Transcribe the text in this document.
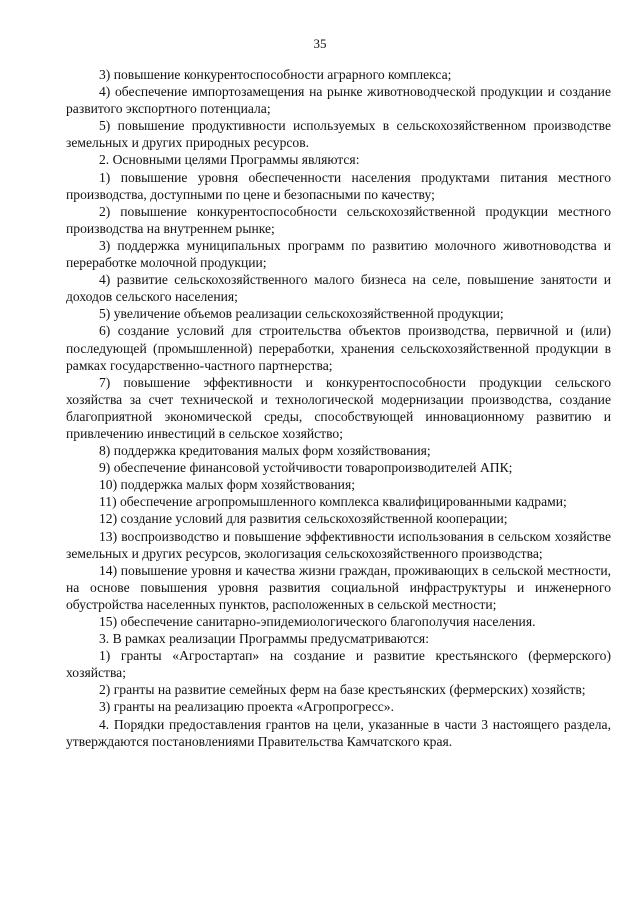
35

3) повышение конкурентоспособности аграрного комплекса;

4) обеспечение импортозамещения на рынке животноводческой продукции и создание развитого экспортного потенциала;

5) повышение продуктивности используемых в сельскохозяйственном производстве земельных и других природных ресурсов.

2. Основными целями Программы являются:

1) повышение уровня обеспеченности населения продуктами питания местного производства, доступными по цене и безопасными по качеству;

2) повышение конкурентоспособности сельскохозяйственной продукции местного производства на внутреннем рынке;

3) поддержка муниципальных программ по развитию молочного животноводства и переработке молочной продукции;

4) развитие сельскохозяйственного малого бизнеса на селе, повышение занятости и доходов сельского населения;

5) увеличение объемов реализации сельскохозяйственной продукции;

6) создание условий для строительства объектов производства, первичной и (или) последующей (промышленной) переработки, хранения сельскохозяйственной продукции в рамках государственно-частного партнерства;

7) повышение эффективности и конкурентоспособности продукции сельского хозяйства за счет технической и технологической модернизации производства, создание благоприятной экономической среды, способствующей инновационному развитию и привлечению инвестиций в сельское хозяйство;

8) поддержка кредитования малых форм хозяйствования;

9) обеспечение финансовой устойчивости товаропроизводителей АПК;

10) поддержка малых форм хозяйствования;

11) обеспечение агропромышленного комплекса квалифицированными кадрами;

12) создание условий для развития сельскохозяйственной кооперации;

13) воспроизводство и повышение эффективности использования в сельском хозяйстве земельных и других ресурсов, экологизация сельскохозяйственного производства;

14) повышение уровня и качества жизни граждан, проживающих в сельской местности, на основе повышения уровня развития социальной инфраструктуры и инженерного обустройства населенных пунктов, расположенных в сельской местности;

15) обеспечение санитарно-эпидемиологического благополучия населения.

3. В рамках реализации Программы предусматриваются:

1) гранты «Агростартап» на создание и развитие крестьянского (фермерского) хозяйства;

2) гранты на развитие семейных ферм на базе крестьянских (фермерских) хозяйств;

3) гранты на реализацию проекта «Агропрогресс».

4. Порядки предоставления грантов на цели, указанные в части 3 настоящего раздела, утверждаются постановлениями Правительства Камчатского края.
